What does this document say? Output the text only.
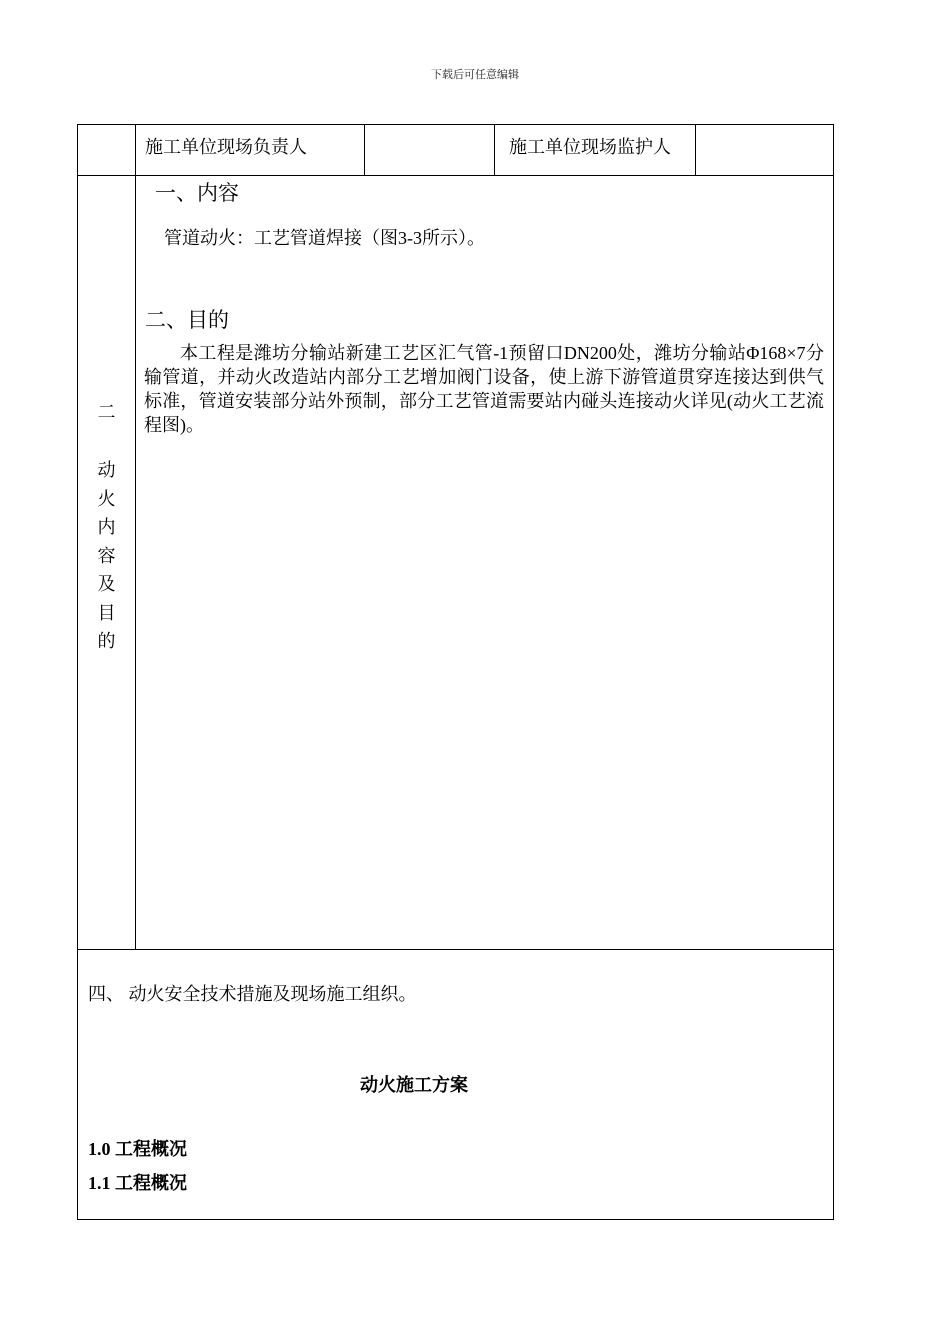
下载后可任意编辑
施工单位现场负责人	施工单位现场监护人
二
动
火
内
容
及
目
的
一、内容
管道动火：工艺管道焊接（图3-3所示）。
二、目的
本工程是潍坊分输站新建工艺区汇气管-1预留口DN200处，潍坊分输站Φ168×7分输管道，并动火改造站内部分工艺增加阀门设备，使上游下游管道贯穿连接达到供气标准，管道安装部分站外预制，部分工艺管道需要站内碰头连接动火详见(动火工艺流程图)。
四、 动火安全技术措施及现场施工组织。
动火施工方案
1.0 工程概况
1.1 工程概况
